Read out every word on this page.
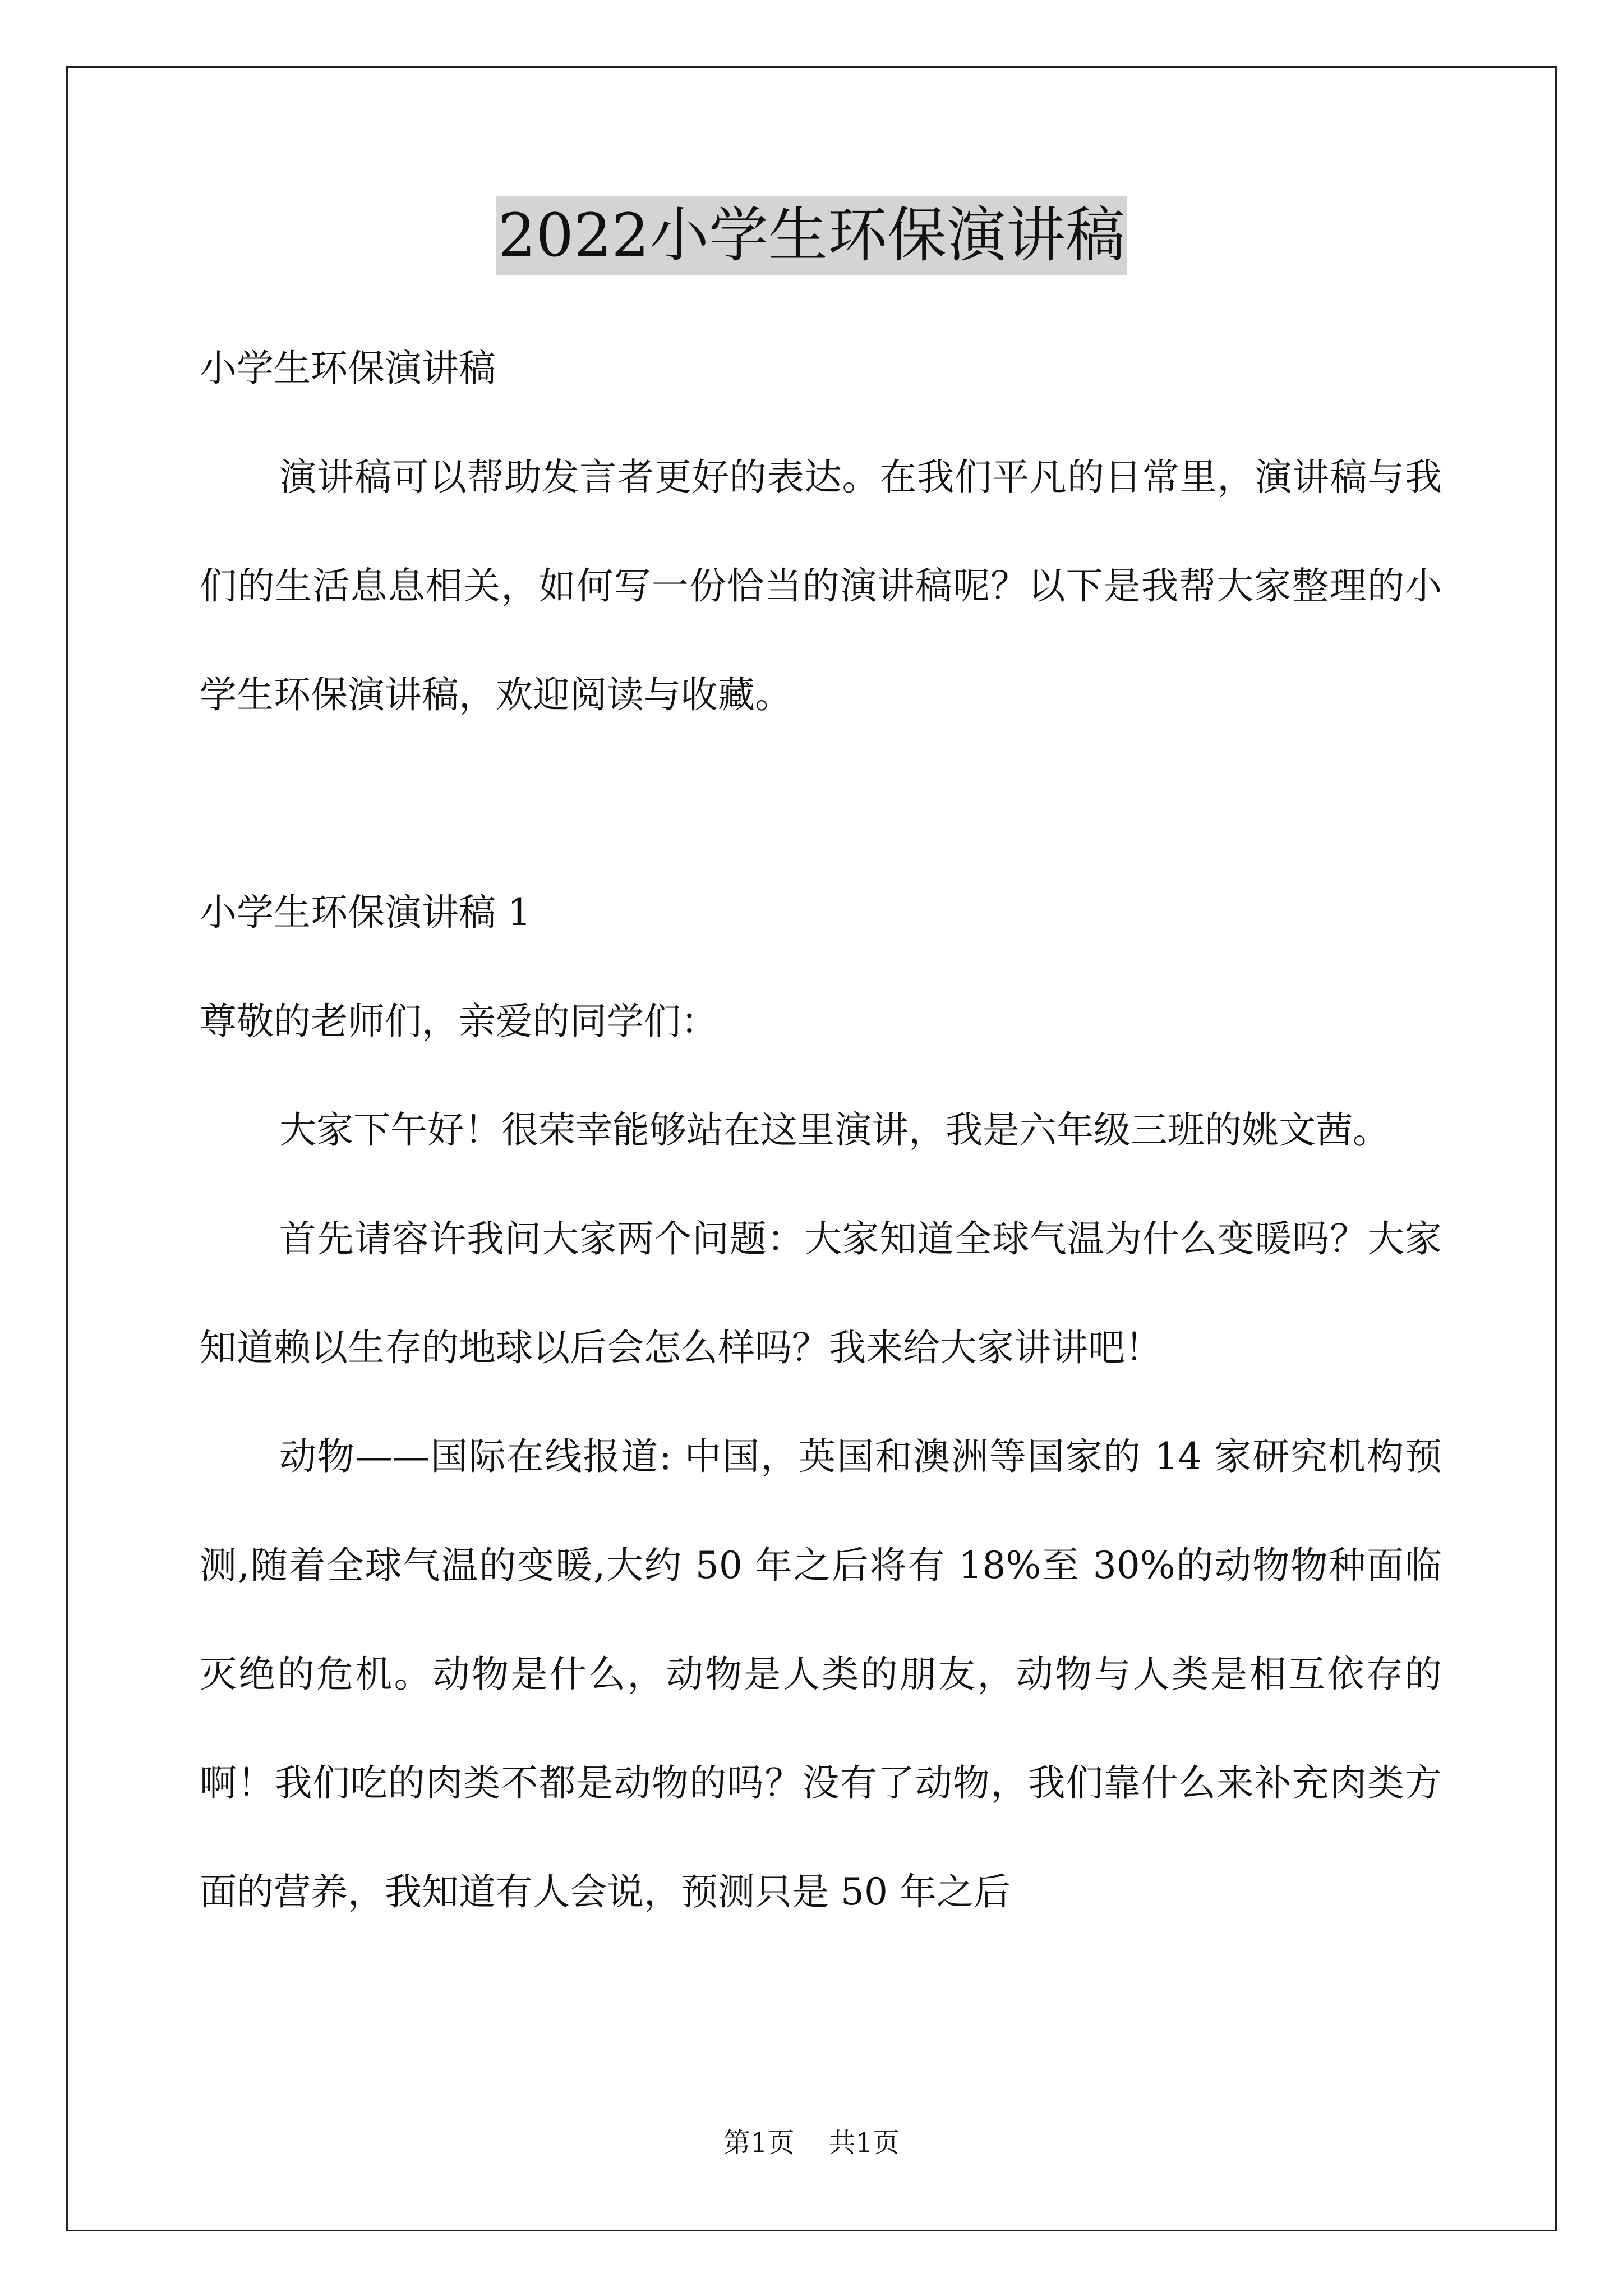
2022小学生环保演讲稿

小学生环保演讲稿

演讲稿可以帮助发言者更好的表达。在我们平凡的日常里，演讲稿与我们的生活息息相关，如何写一份恰当的演讲稿呢？以下是我帮大家整理的小学生环保演讲稿，欢迎阅读与收藏。

小学生环保演讲稿 1

尊敬的老师们，亲爱的同学们：

大家下午好！很荣幸能够站在这里演讲，我是六年级三班的姚文茜。

首先请容许我问大家两个问题：大家知道全球气温为什么变暖吗？大家知道赖以生存的地球以后会怎么样吗？我来给大家讲讲吧！

动物——国际在线报道: 中国，英国和澳洲等国家的 14 家研究机构预测,随着全球气温的变暖,大约 50 年之后将有 18%至 30%的动物物种面临灭绝的危机。动物是什么，动物是人类的朋友，动物与人类是相互依存的啊！我们吃的肉类不都是动物的吗？没有了动物，我们靠什么来补充肉类方面的营养，我知道有人会说，预测只是 50 年之后

第1页 共1页
